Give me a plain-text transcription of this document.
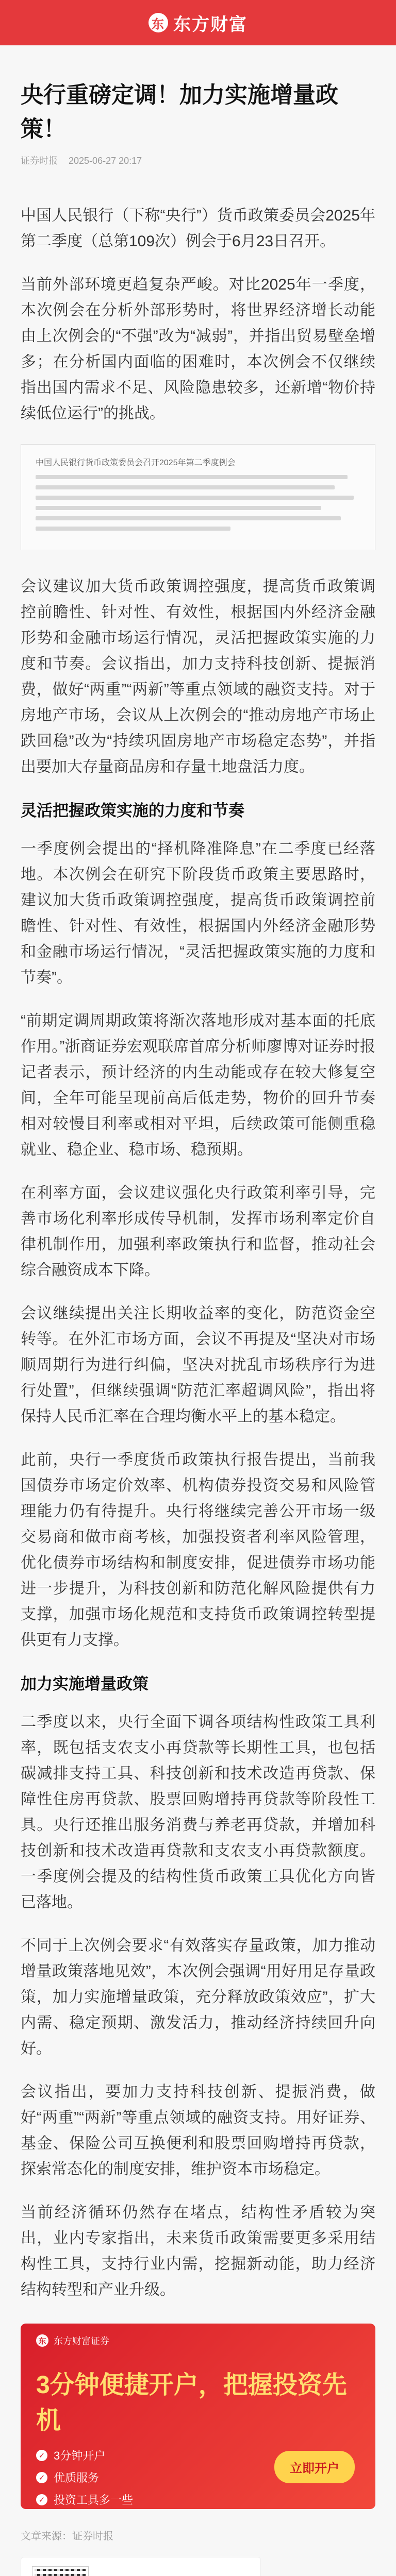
东 东方财富
央行重磅定调！加力实施增量政策！
证券时报 2025-06-27 20:17

中国人民银行（下称“央行”）货币政策委员会2025年第二季度（总第109次）例会于6月23日召开。

当前外部环境更趋复杂严峻。对比2025年一季度，本次例会在分析外部形势时，将世界经济增长动能由上次例会的“不强”改为“减弱”，并指出贸易壁垒增多；在分析国内面临的困难时，本次例会不仅继续指出国内需求不足、风险隐患较多，还新增“物价持续低位运行”的挑战。

中国人民银行货币政策委员会召开2025年第二季度例会

会议建议加大货币政策调控强度，提高货币政策调控前瞻性、针对性、有效性，根据国内外经济金融形势和金融市场运行情况，灵活把握政策实施的力度和节奏。会议指出，加力支持科技创新、提振消费，做好“两重”“两新”等重点领域的融资支持。对于房地产市场，会议从上次例会的“推动房地产市场止跌回稳”改为“持续巩固房地产市场稳定态势”，并指出要加大存量商品房和存量土地盘活力度。

灵活把握政策实施的力度和节奏

一季度例会提出的“择机降准降息”在二季度已经落地。本次例会在研究下阶段货币政策主要思路时，建议加大货币政策调控强度，提高货币政策调控前瞻性、针对性、有效性，根据国内外经济金融形势和金融市场运行情况，“灵活把握政策实施的力度和节奏”。

“前期定调周期政策将渐次落地形成对基本面的托底作用。”浙商证券宏观联席首席分析师廖博对证券时报记者表示，预计经济的内生动能或存在较大修复空间，全年可能呈现前高后低走势，物价的回升节奏相对较慢目利率或相对平坦，后续政策可能侧重稳就业、稳企业、稳市场、稳预期。

在利率方面，会议建议强化央行政策利率引导，完善市场化利率形成传导机制，发挥市场利率定价自律机制作用，加强利率政策执行和监督，推动社会综合融资成本下降。

会议继续提出关注长期收益率的变化，防范资金空转等。在外汇市场方面，会议不再提及“坚决对市场顺周期行为进行纠偏，坚决对扰乱市场秩序行为进行处置”，但继续强调“防范汇率超调风险”，指出将保持人民币汇率在合理均衡水平上的基本稳定。

此前，央行一季度货币政策执行报告提出，当前我国债券市场定价效率、机构债券投资交易和风险管理能力仍有待提升。央行将继续完善公开市场一级交易商和做市商考核，加强投资者利率风险管理，优化债券市场结构和制度安排，促进债券市场功能进一步提升，为科技创新和防范化解风险提供有力支撑，加强市场化规范和支持货币政策调控转型提供更有力支撑。

加力实施增量政策

二季度以来，央行全面下调各项结构性政策工具利率，既包括支农支小再贷款等长期性工具，也包括碳减排支持工具、科技创新和技术改造再贷款、保障性住房再贷款、股票回购增持再贷款等阶段性工具。央行还推出服务消费与养老再贷款，并增加科技创新和技术改造再贷款和支农支小再贷款额度。一季度例会提及的结构性货币政策工具优化方向皆已落地。

不同于上次例会要求“有效落实存量政策，加力推动增量政策落地见效”，本次例会强调“用好用足存量政策，加力实施增量政策，充分释放政策效应”，扩大内需、稳定预期、激发活力，推动经济持续回升向好。

会议指出，要加力支持科技创新、提振消费，做好“两重”“两新”等重点领域的融资支持。用好证券、基金、保险公司互换便利和股票回购增持再贷款，探索常态化的制度安排，维护资本市场稳定。

当前经济循环仍然存在堵点，结构性矛盾较为突出，业内专家指出，未来货币政策需要更多采用结构性工具，支持行业内需，挖掘新动能，助力经济结构转型和产业升级。

东 东方财富证券
3分钟便捷开户，把握投资先机
✓ 3分钟开户
✓ 优质服务
✓ 投资工具多一些
立即开户
文章来源：证券时报
